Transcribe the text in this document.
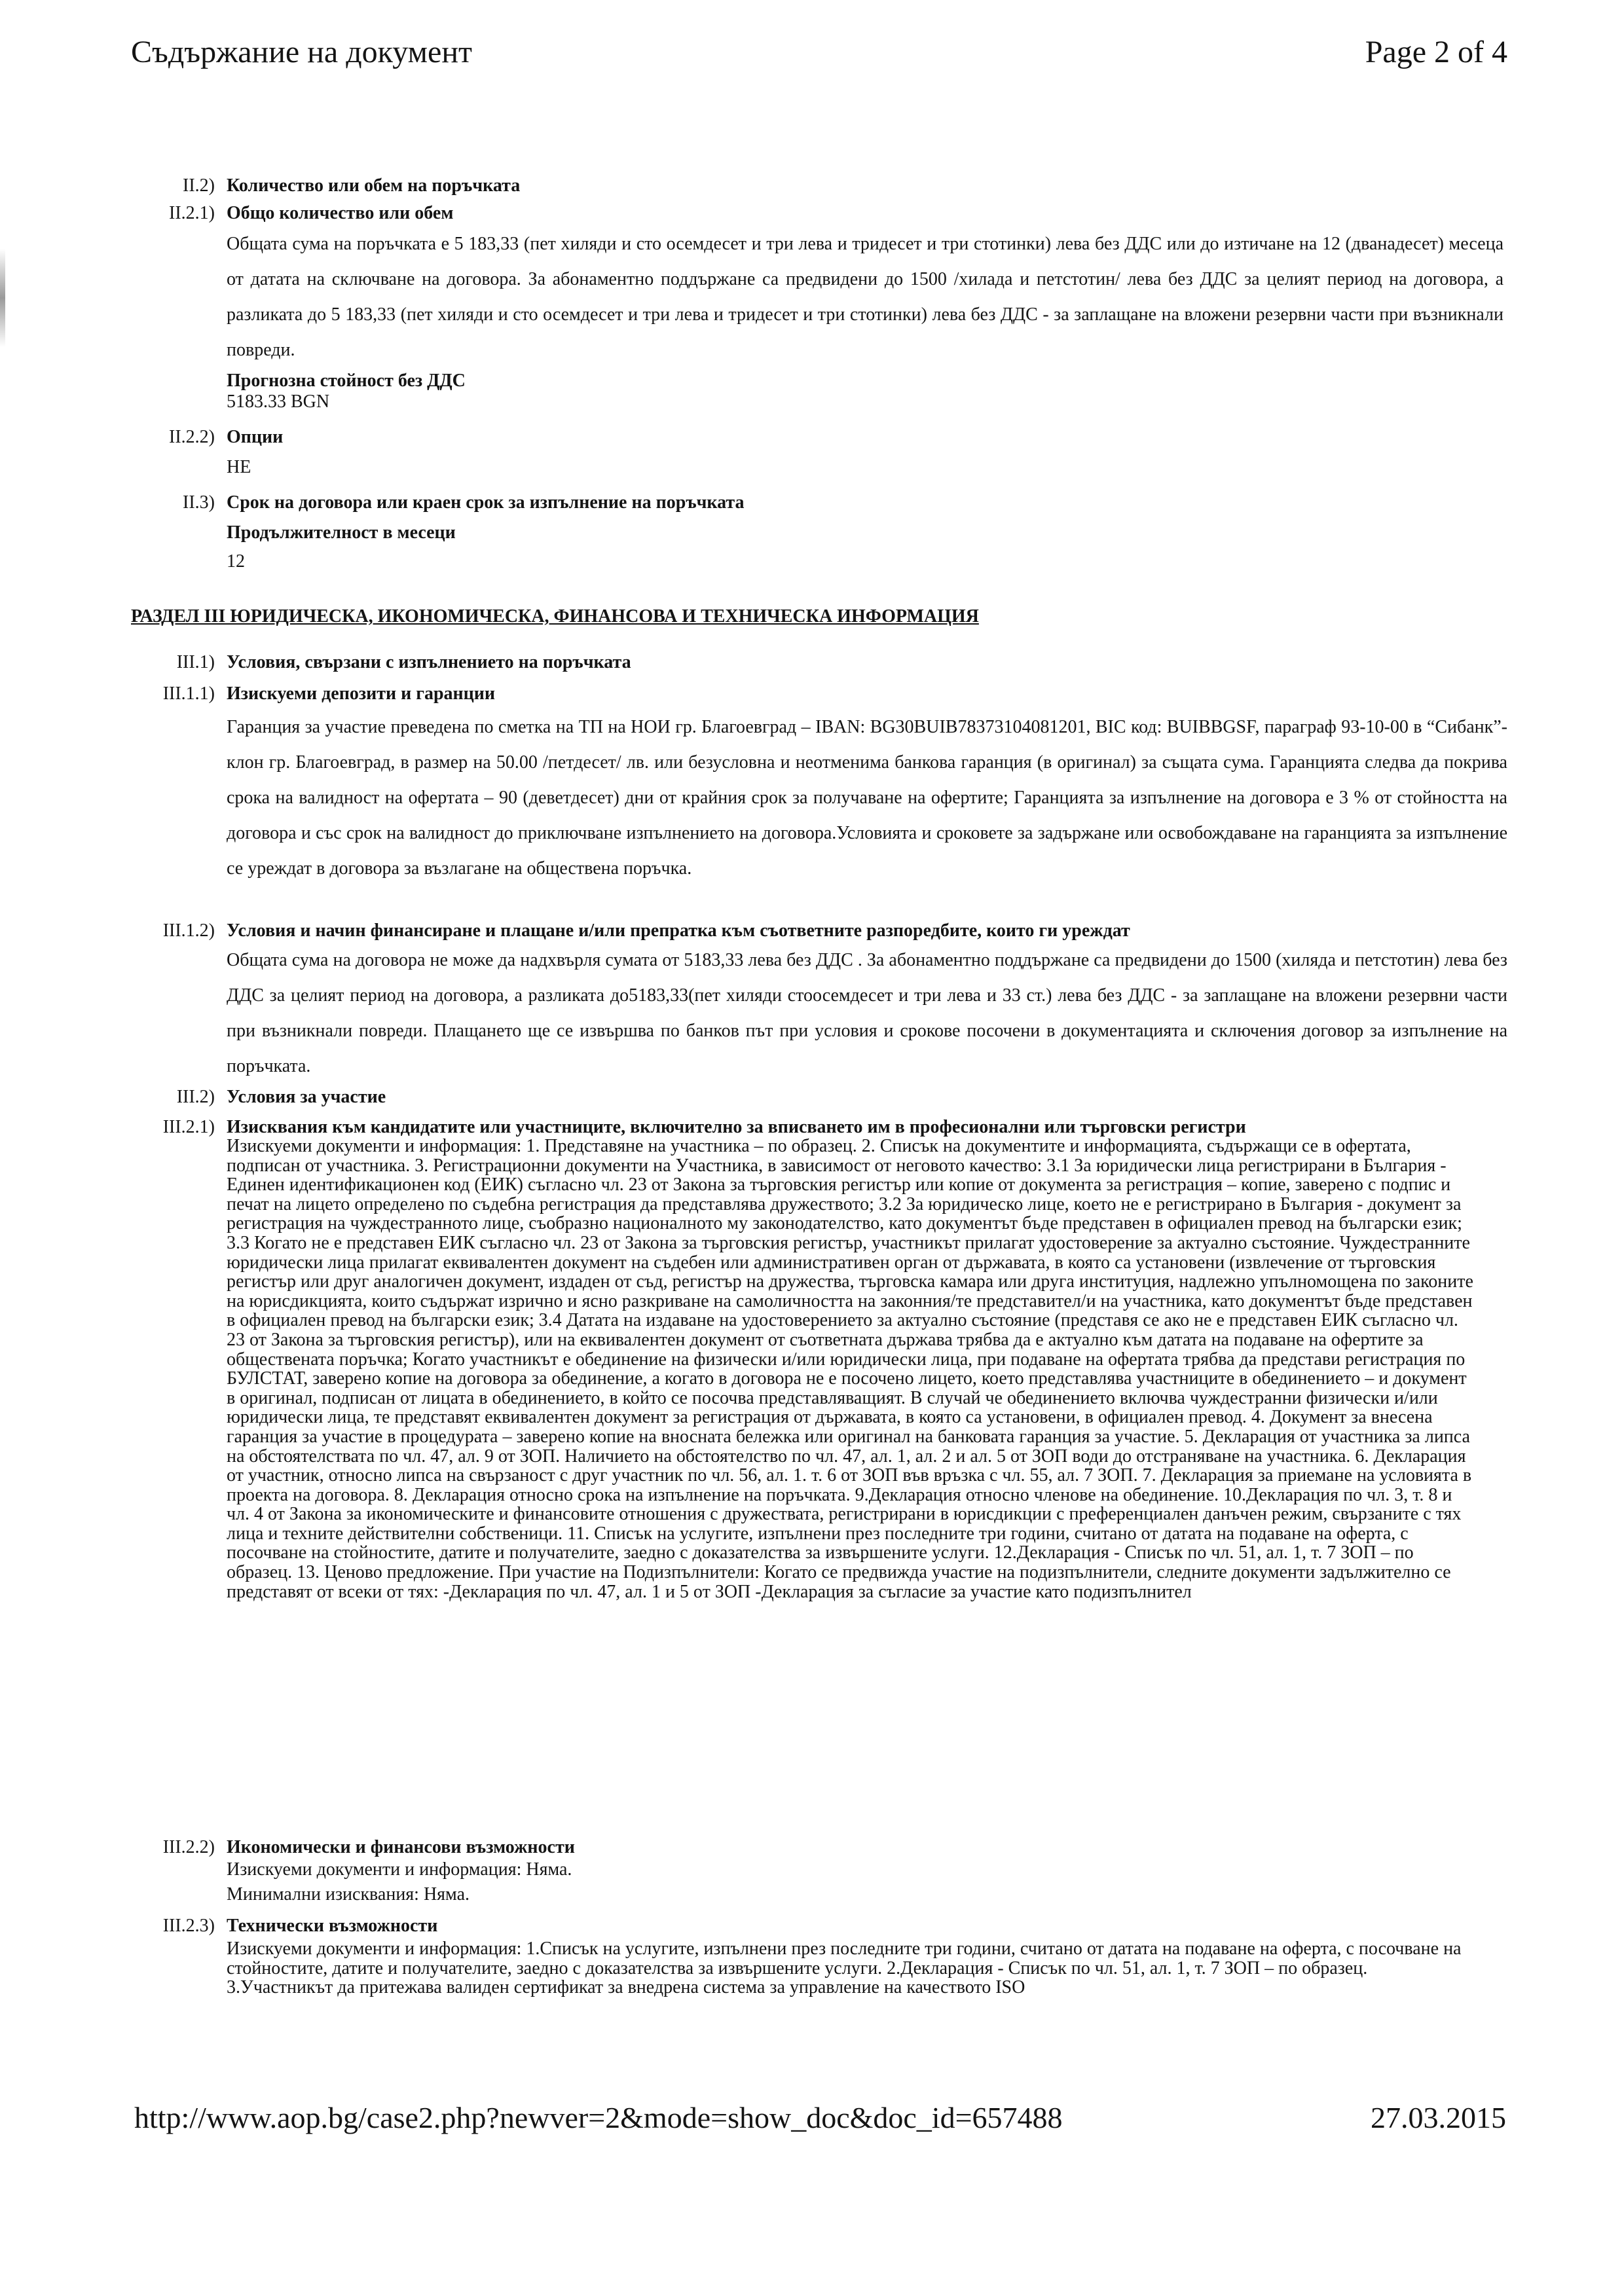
Съдържание на документ	Page 2 of 4
II.2) Количество или обем на поръчката
II.2.1) Общо количество или обем
Общата сума на поръчката е 5 183,33 (пет хиляди и сто осемдесет и три лева и тридесет и три стотинки) лева без ДДС или до изтичане на 12 (дванадесет) месеца от датата на сключване на договора. За абонаментно поддържане са предвидени до 1500 /хилада и петстотин/ лева без ДДС за целият период на договора, а разликата до 5 183,33 (пет хиляди и сто осемдесет и три лева и тридесет и три стотинки) лева без ДДС - за заплащане на вложени резервни части при възникнали повреди.
Прогнозна стойност без ДДС
5183.33 BGN
II.2.2) Опции
НЕ
II.3) Срок на договора или краен срок за изпълнение на поръчката
Продължителност в месеци
12
РАЗДЕЛ III ЮРИДИЧЕСКА, ИКОНОМИЧЕСКА, ФИНАНСОВА И ТЕХНИЧЕСКА ИНФОРМАЦИЯ
III.1) Условия, свързани с изпълнението на поръчката
III.1.1) Изискуеми депозити и гаранции
Гаранция за участие преведена по сметка на ТП на НОИ гр. Благоевград – IBAN: BG30BUIB78373104081201, BIC код: BUIBBGSF, параграф 93-10-00 в “Сибанк”- клон гр. Благоевград, в размер на 50.00 /петдесет/ лв. или безусловна и неотменима банкова гаранция (в оригинал) за същата сума. Гаранцията следва да покрива срока на валидност на офертата – 90 (деветдесет) дни от крайния срок за получаване на офертите; Гаранцията за изпълнение на договора е 3 % от стойността на договора и със срок на валидност до приключване изпълнението на договора.Условията и сроковете за задържане или освобождаване на гаранцията за изпълнение се уреждат в договора за възлагане на обществена поръчка.
III.1.2) Условия и начин финансиране и плащане и/или препратка към съответните разпоредбите, които ги уреждат
Общата сума на договора не може да надхвърля сумата от 5183,33 лева без ДДС . За абонаментно поддържане са предвидени до 1500 (хиляда и петстотин) лева без ДДС за целият период на договора, а разликата до5183,33(пет хиляди стоосемдесет и три лева и 33 ст.) лева без ДДС - за заплащане на вложени резервни части при възникнали повреди. Плащането ще се извършва по банков път при условия и срокове посочени в документацията и сключения договор за изпълнение на поръчката.
III.2) Условия за участие
III.2.1) Изисквания към кандидатите или участниците, включително за вписването им в професионални или търговски регистри
Изискуеми документи и информация: 1. Представяне на участника – по образец. 2. Списък на документите и информацията, съдържащи се в офертата, подписан от участника. 3. Регистрационни документи на Участника, в зависимост от неговото качество: 3.1 За юридически лица регистрирани в България - Единен идентификационен код (ЕИК) съгласно чл. 23 от Закона за търговския регистър или копие от документа за регистрация – копие, заверено с подпис и печат на лицето определено по съдебна регистрация да представлява дружеството; 3.2 За юридическо лице, което не е регистрирано в България - документ за регистрация на чуждестранното лице, съобразно националното му законодателство, като документът бъде представен в официален превод на български език; 3.3 Когато не е представен ЕИК съгласно чл. 23 от Закона за търговския регистър, участникът прилагат удостоверение за актуално състояние. Чуждестранните юридически лица прилагат еквивалентен документ на съдебен или административен орган от държавата, в която са установени (извлечение от търговския регистър или друг аналогичен документ, издаден от съд, регистър на дружества, търговска камара или друга институция, надлежно упълномощена по законите на юрисдикцията, които съдържат изрично и ясно разкриване на самоличността на законния/те представител/и на участника, като документът бъде представен в официален превод на български език; 3.4 Датата на издаване на удостоверението за актуално състояние (представя се ако не е представен ЕИК съгласно чл. 23 от Закона за търговския регистър), или на еквивалентен документ от съответната държава трябва да е актуално към датата на подаване на офертите за обществената поръчка; Когато участникът е обединение на физически и/или юридически лица, при подаване на офертата трябва да представи регистрация по БУЛСТАТ, заверено копие на договора за обединение, а когато в договора не е посочено лицето, което представлява участниците в обединението – и документ в оригинал, подписан от лицата в обединението, в който се посочва представляващият. В случай че обединението включва чуждестранни физически и/или юридически лица, те представят еквивалентен документ за регистрация от държавата, в която са установени, в официален превод. 4. Документ за внесена гаранция за участие в процедурата – заверено копие на вносната бележка или оригинал на банковата гаранция за участие. 5. Декларация от участника за липса на обстоятелствата по чл. 47, ал. 9 от ЗОП. Наличието на обстоятелство по чл. 47, ал. 1, ал. 2 и ал. 5 от ЗОП води до отстраняване на участника. 6. Декларация от участник, относно липса на свързаност с друг участник по чл. 56, ал. 1. т. 6 от ЗОП във връзка с чл. 55, ал. 7 ЗОП. 7. Декларация за приемане на условията в проекта на договора. 8. Декларация относно срока на изпълнение на поръчката. 9.Декларация относно членове на обединение. 10.Декларация по чл. 3, т. 8 и чл. 4 от Закона за икономическите и финансовите отношения с дружествата, регистрирани в юрисдикции с преференциален данъчен режим, свързаните с тях лица и техните действителни собственици. 11. Списък на услугите, изпълнени през последните три години, считано от датата на подаване на оферта, с посочване на стойностите, датите и получателите, заедно с доказателства за извършените услуги. 12.Декларация - Списък по чл. 51, ал. 1, т. 7 ЗОП – по образец. 13. Ценово предложение. При участие на Подизпълнители: Когато се предвижда участие на подизпълнители, следните документи задължително се представят от всеки от тях: -Декларация по чл. 47, ал. 1 и 5 от ЗОП -Декларация за съгласие за участие като подизпълнител
III.2.2) Икономически и финансови възможности
Изискуеми документи и информация: Няма.
Минимални изисквания: Няма.
III.2.3) Технически възможности
Изискуеми документи и информация: 1.Списък на услугите, изпълнени през последните три години, считано от датата на подаване на оферта, с посочване на стойностите, датите и получателите, заедно с доказателства за извършените услуги. 2.Декларация - Списък по чл. 51, ал. 1, т. 7 ЗОП – по образец. 3.Участникът да притежава валиден сертификат за внедрена система за управление на качеството ISO
http://www.aop.bg/case2.php?newver=2&mode=show_doc&doc_id=657488	27.03.2015
